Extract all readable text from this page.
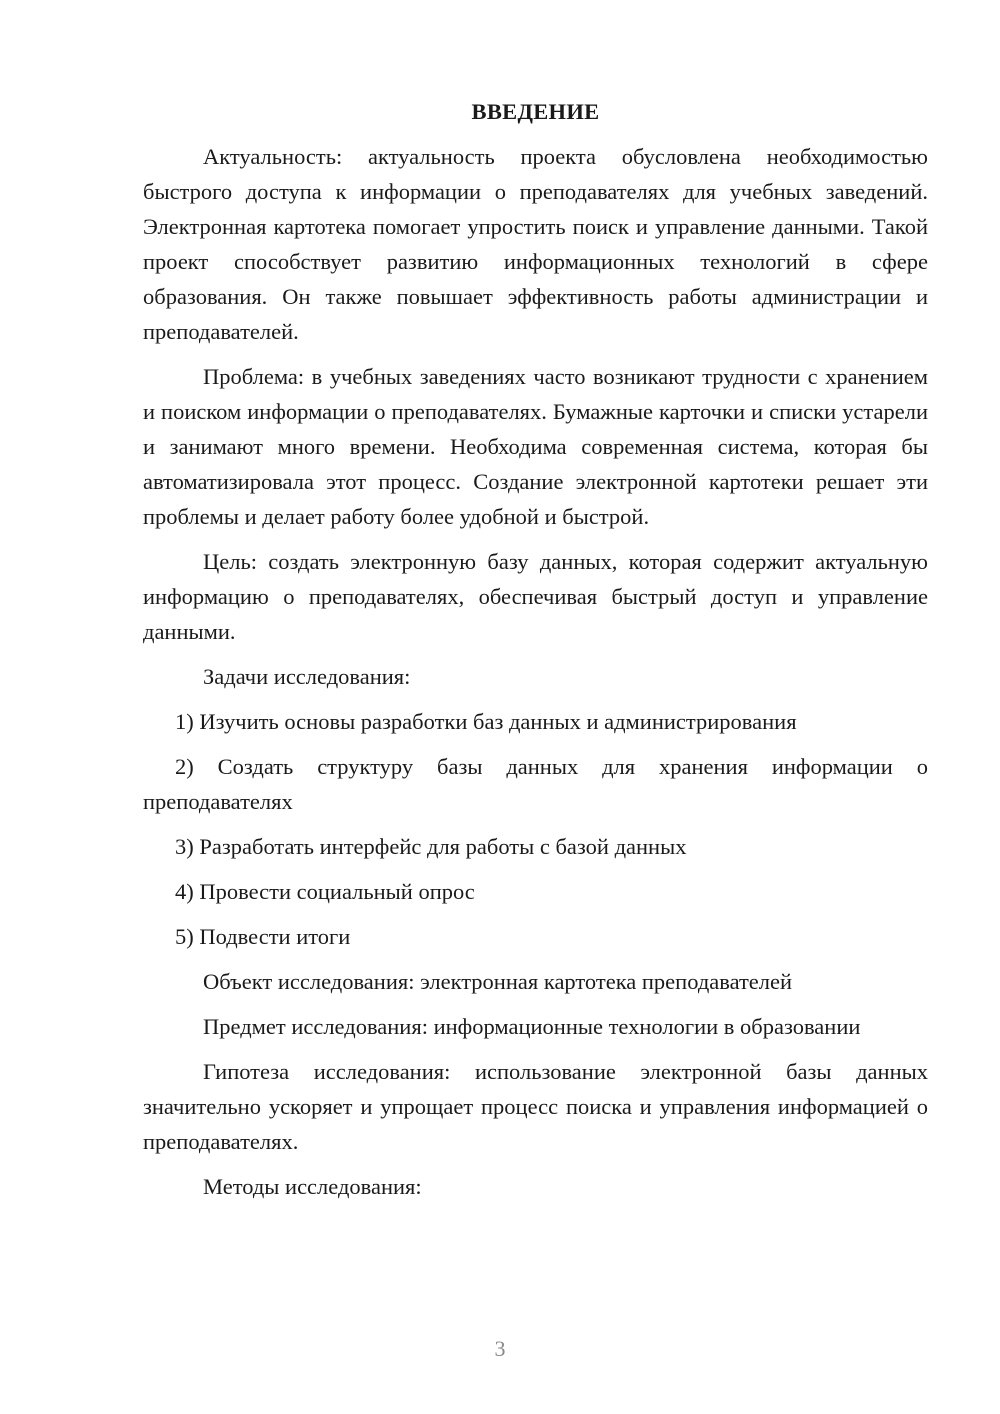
ВВЕДЕНИЕ

Актуальность: актуальность проекта обусловлена необходимостью быстрого доступа к информации о преподавателях для учебных заведений. Электронная картотека помогает упростить поиск и управление данными. Такой проект способствует развитию информационных технологий в сфере образования. Он также повышает эффективность работы администрации и преподавателей.

Проблема: в учебных заведениях часто возникают трудности с хранением и поиском информации о преподавателях. Бумажные карточки и списки устарели и занимают много времени. Необходима современная система, которая бы автоматизировала этот процесс. Создание электронной картотеки решает эти проблемы и делает работу более удобной и быстрой.

Цель: создать электронную базу данных, которая содержит актуальную информацию о преподавателях, обеспечивая быстрый доступ и управление данными.

Задачи исследования:

1) Изучить основы разработки баз данных и администрирования

2) Создать структуру базы данных для хранения информации о преподавателях

3) Разработать интерфейс для работы с базой данных

4) Провести социальный опрос

5) Подвести итоги

Объект исследования: электронная картотека преподавателей

Предмет исследования: информационные технологии в образовании

Гипотеза исследования: использование электронной базы данных значительно ускоряет и упрощает процесс поиска и управления информацией о преподавателях.

Методы исследования:

3
